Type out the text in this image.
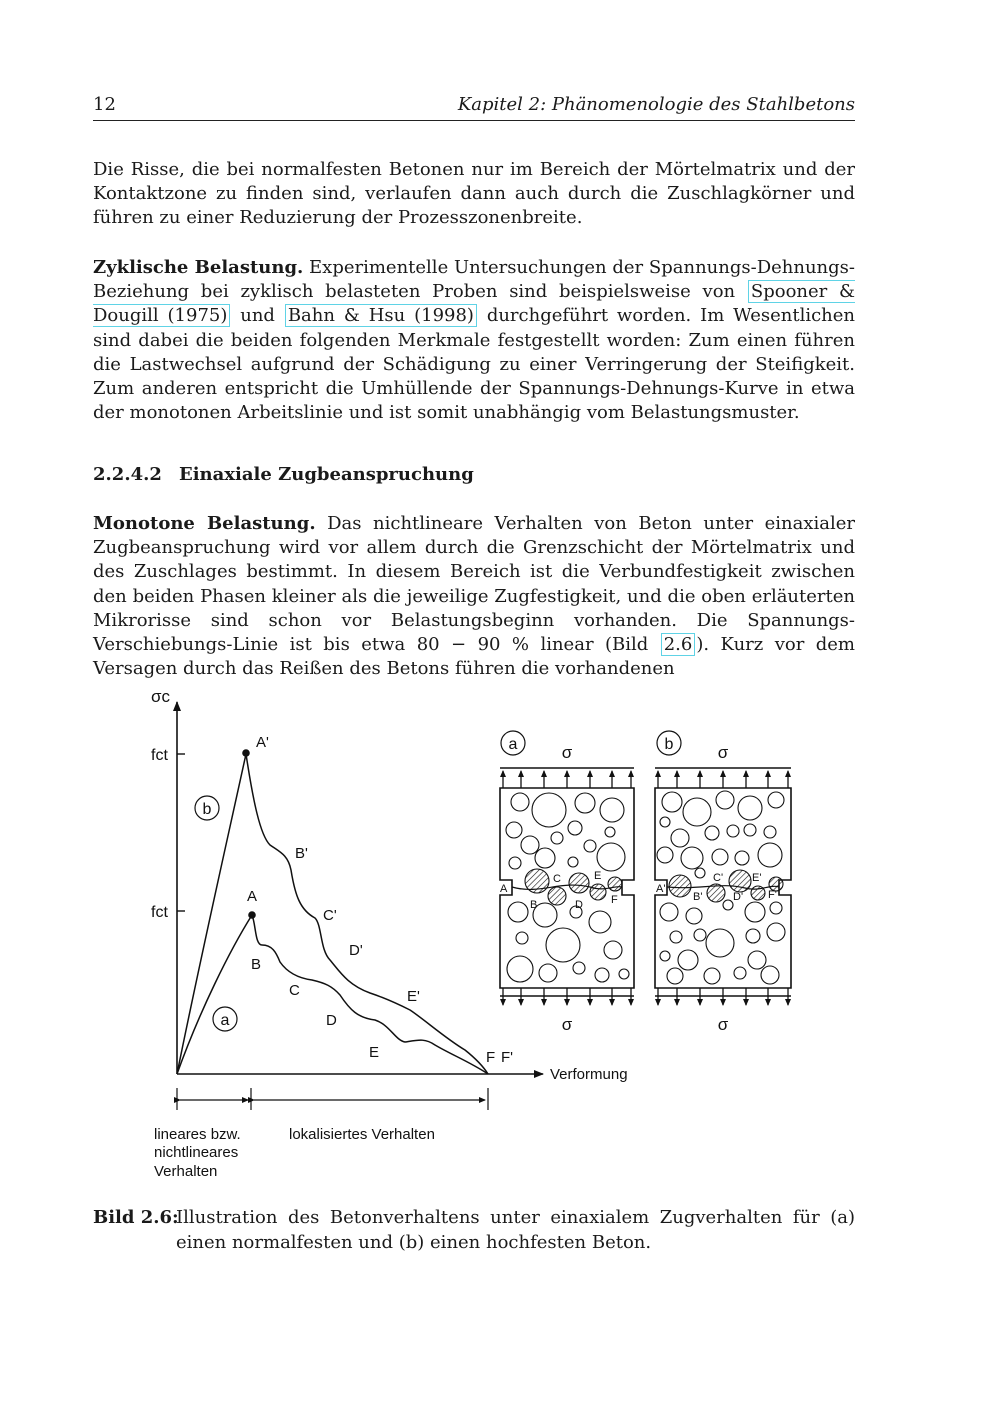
12	Kapitel 2: Phänomenologie des Stahlbetons

Die Risse, die bei normalfesten Betonen nur im Bereich der Mörtelmatrix und der Kontaktzone zu finden sind, verlaufen dann auch durch die Zuschlagkörner und führen zu einer Reduzierung der Prozesszonenbreite.

Zyklische Belastung. Experimentelle Untersuchungen der Spannungs-Dehnungs-Beziehung bei zyklisch belasteten Proben sind beispielsweise von Spooner & Dougill (1975) und Bahn & Hsu (1998) durchgeführt worden. Im Wesentlichen sind dabei die beiden folgenden Merkmale festgestellt worden: Zum einen führen die Lastwechsel aufgrund der Schädigung zu einer Verringerung der Steifigkeit. Zum anderen entspricht die Umhüllende der Spannungs-Dehnungs-Kurve in etwa der monotonen Arbeitslinie und ist somit unabhängig vom Belastungsmuster.

2.2.4.2 Einaxiale Zugbeanspruchung

Monotone Belastung. Das nichtlineare Verhalten von Beton unter einaxialer Zugbeanspruchung wird vor allem durch die Grenzschicht der Mörtelmatrix und des Zuschlages bestimmt. In diesem Bereich ist die Verbundfestigkeit zwischen den beiden Phasen kleiner als die jeweilige Zugfestigkeit, und die oben erläuterten Mikrorisse sind schon vor Belastungsbeginn vorhanden. Die Spannungs-Verschiebungs-Linie ist bis etwa 80 − 90 % linear (Bild 2.6 ). Kurz vor dem Versagen durch das Reißen des Betons führen die vorhandenen

σc
Verformung
fct
fct
b
a
A'
B'
C'
D'
E'
F'
A
B
C
D
E	F
lineares bzw.
nichtlineares
Verhalten
lokalisiertes Verhalten
a	σ
σ
A
B
C
D
E
F
b	σ
σ
A'
B'
C'
D'
E'
F'
Bild 2.6:
Illustration des Betonverhaltens unter einaxialem Zugverhalten für (a) einen normalfesten und (b) einen hochfesten Beton.
